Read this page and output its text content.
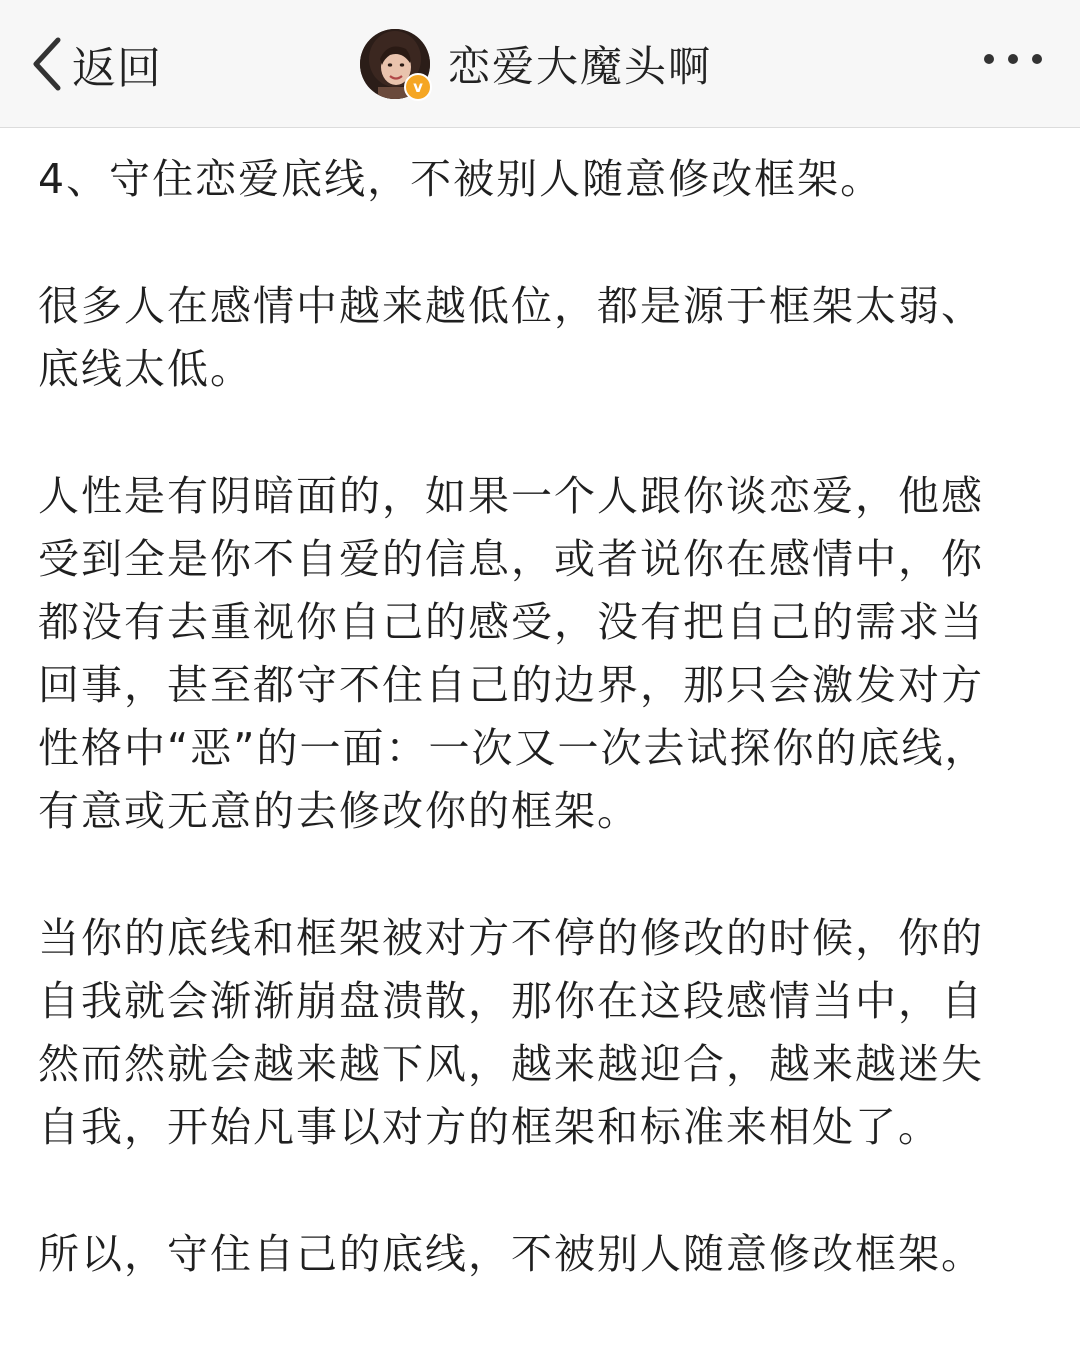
返回	v 恋爱大魔头啊

4、守住恋爱底线，不被别人随意修改框架。

很多人在感情中越来越低位，都是源于框架太弱、底线太低。

人性是有阴暗面的，如果一个人跟你谈恋爱，他感受到全是你不自爱的信息，或者说你在感情中，你都没有去重视你自己的感受，没有把自己的需求当回事，甚至都守不住自己的边界，那只会激发对方性格中“恶”的一面：一次又一次去试探你的底线，有意或无意的去修改你的框架。

当你的底线和框架被对方不停的修改的时候，你的自我就会渐渐崩盘溃散，那你在这段感情当中，自然而然就会越来越下风，越来越迎合，越来越迷失自我，开始凡事以对方的框架和标准来相处了。

所以，守住自己的底线，不被别人随意修改框架。
